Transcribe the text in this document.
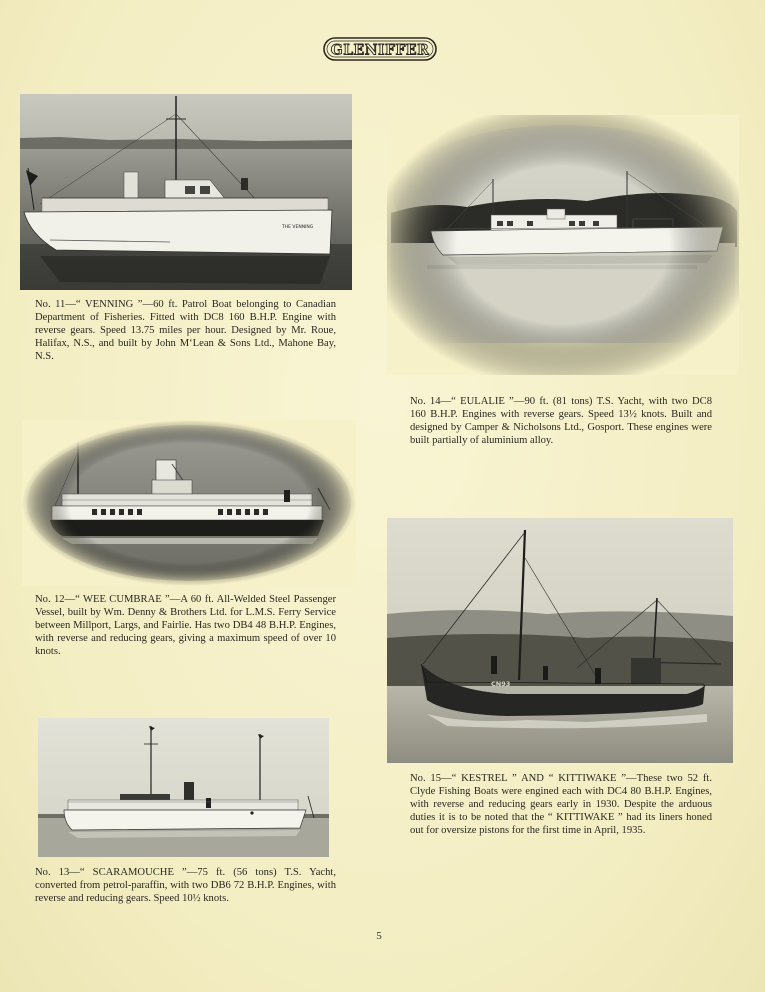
GLENIFFER
THE VENNING
No. 11—“ VENNING ”—60 ft. Patrol Boat belonging to Canadian Department of Fisheries. Fitted with DC8 160 B.H.P. Engine with reverse gears. Speed 13.75 miles per hour. Designed by Mr. Roue, Halifax, N.S., and built by John M‘Lean & Sons Ltd., Mahone Bay, N.S.
No. 14—“ EULALIE ”—90 ft. (81 tons) T.S. Yacht, with two DC8 160 B.H.P. Engines with reverse gears. Speed 13½ knots. Built and designed by Camper & Nicholsons Ltd., Gosport. These engines were built partially of aluminium alloy.
No. 12—“ WEE CUMBRAE ”—A 60 ft. All-Welded Steel Passenger Vessel, built by Wm. Denny & Brothers Ltd. for L.M.S. Ferry Service between Millport, Largs, and Fairlie. Has two DB4 48 B.H.P. Engines, with reverse and reducing gears, giving a maximum speed of over 10 knots.
CN93
No. 15—“ KESTREL ” AND “ KITTIWAKE ”—These two 52 ft. Clyde Fishing Boats were engined each with DC4 80 B.H.P. Engines, with reverse and reducing gears early in 1930. Despite the arduous duties it is to be noted that the “ KITTIWAKE ” had its liners honed out for oversize pistons for the first time in April, 1935.
No. 13—“ SCARAMOUCHE ”—75 ft. (56 tons) T.S. Yacht, converted from petrol-paraffin, with two DB6 72 B.H.P. Engines, with reverse and reducing gears. Speed 10½ knots.
5
